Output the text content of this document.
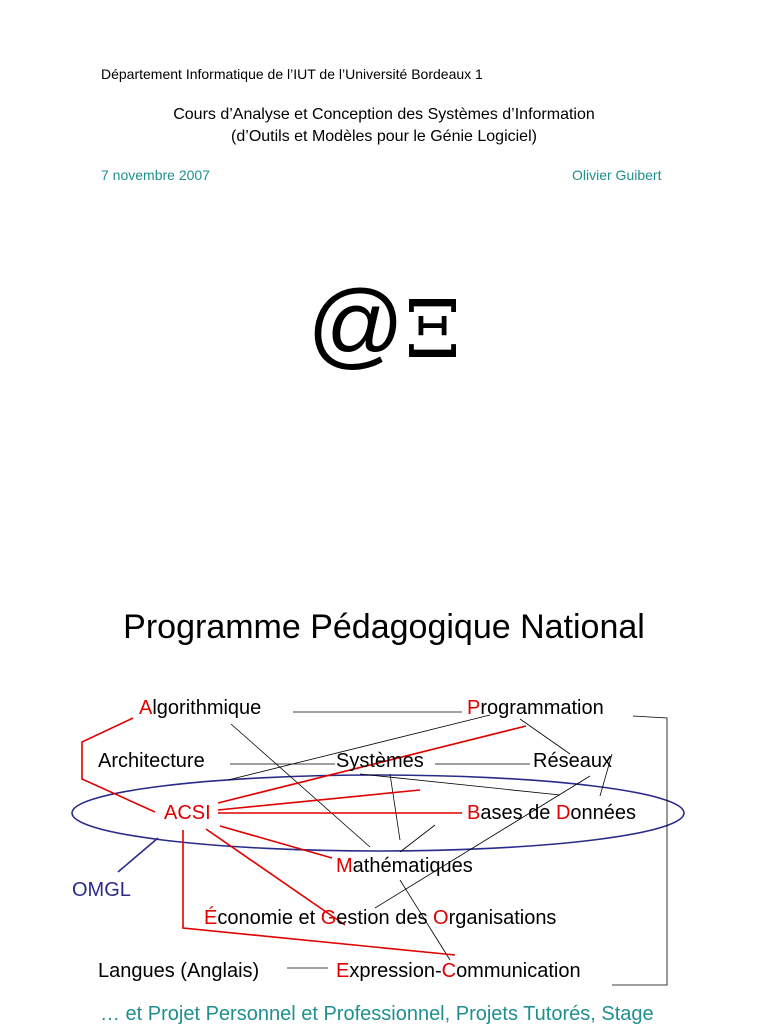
Département Informatique de l’IUT de l’Université Bordeaux 1
Cours d’Analyse et Conception des Systèmes d’Information
(d’Outils et Modèles pour le Génie Logiciel)
7 novembre 2007	Olivier Guibert
@Ξ
Programme Pédagogique National
Algorithmique	Programmation
Architecture	Systèmes	Réseaux
ACSI	Bases de Données
Mathématiques
OMGL
Économie et Gestion des Organisations
Langues (Anglais)	Expression-Communication
… et Projet Personnel et Professionnel, Projets Tutorés, Stage
